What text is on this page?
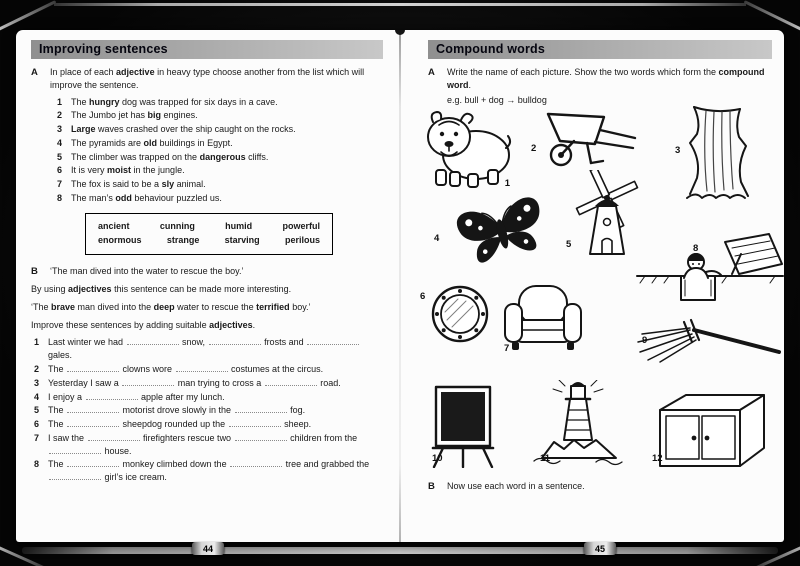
Improving sentences
A	In place of each adjective in heavy type choose another from the list which will improve the sentence.
1 The hungry dog was trapped for six days in a cave.
2 The Jumbo jet has big engines.
3 Large waves crashed over the ship caught on the rocks.
4 The pyramids are old buildings in Egypt.
5 The climber was trapped on the dangerous cliffs.
6 It is very moist in the jungle.
7 The fox is said to be a sly animal.
8 The man’s odd behaviour puzzled us.
ancient	cunning	humid	powerful
enormous	strange	starving	perilous
B	‘The man dived into the water to rescue the boy.’
By using adjectives this sentence can be made more interesting.
‘The brave man dived into the deep water to rescue the terrified boy.’
Improve these sentences by adding suitable adjectives.
1 Last winter we had	snow,	frosts and  gales.
2 The	clowns wore	costumes at the circus.
3 Yesterday I saw a	man trying to cross a	road.
4 I enjoy a	apple after my lunch.
5 The	motorist drove slowly in the	fog.
6 The	sheepdog rounded up the	sheep.
7 I saw the	firefighters rescue two	children from the  house.
8 The	monkey climbed down the	tree and grabbed the  girl’s ice cream.
Compound words
A	Write the name of each picture. Show the two words which form the compound word.
e.g. bull + dog → bulldog
1
2	3
4
5
6
7
8
9
10	11	12
B	Now use each word in a sentence.
44	45
